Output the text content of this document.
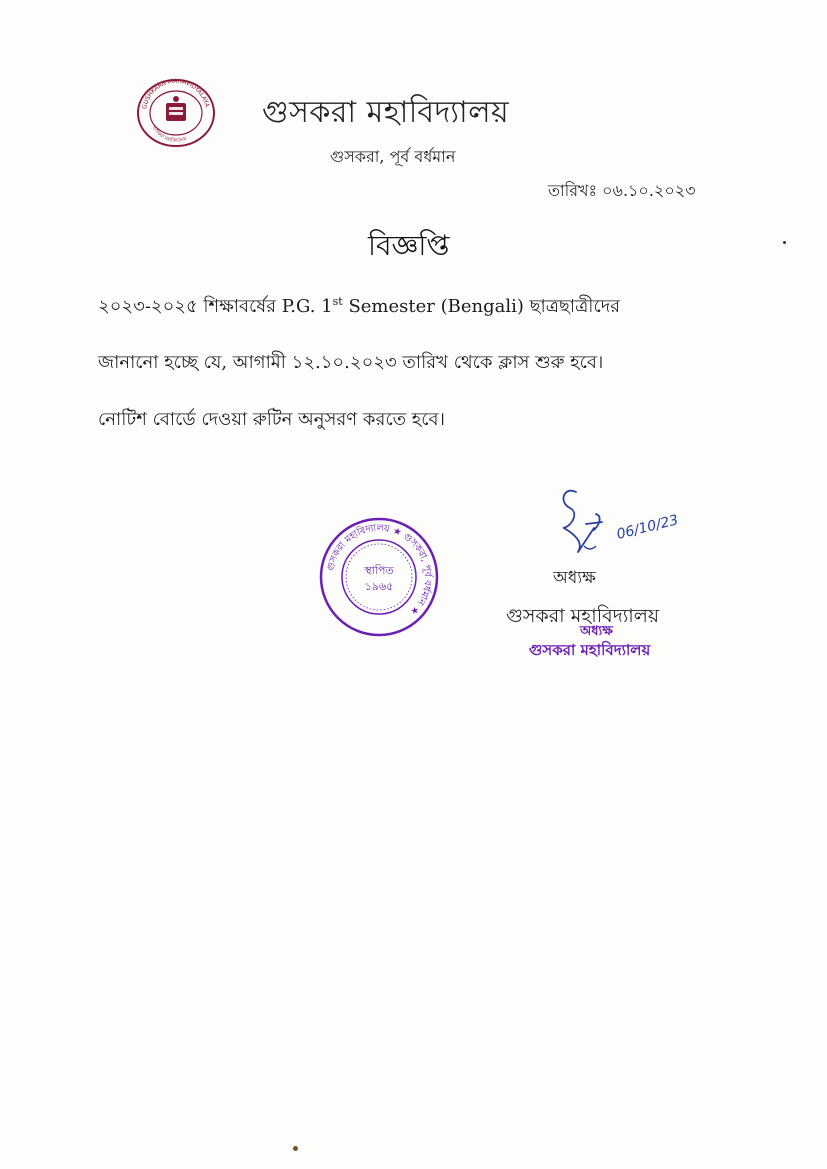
GUSHKARA MAHAVIDYALAYA
গুসকরা মহাবিদ্যালয়
গুসকরা মহাবিদ্যালয়
গুসকরা, পূর্ব বর্ধমান
তারিখঃ ০৬.১০.২০২৩
বিজ্ঞপ্তি
২০২৩-২০২৫ শিক্ষাবর্ষের P.G. 1st Semester (Bengali) ছাত্রছাত্রীদের
জানানো হচ্ছে যে, আগামী ১২.১০.২০২৩ তারিখ থেকে ক্লাস শুরু হবে।
নোটিশ বোর্ডে দেওয়া রুটিন অনুসরণ করতে হবে।
গুসকরা মহাবিদ্যালয় ★ গুসকরা, পূর্ব বর্ধমান ★
স্থাপিত
১৯৬৫
06/10/23
অধ্যক্ষ
গুসকরা মহাবিদ্যালয়
অধ্যক্ষ
গুসকরা মহাবিদ্যালয়
